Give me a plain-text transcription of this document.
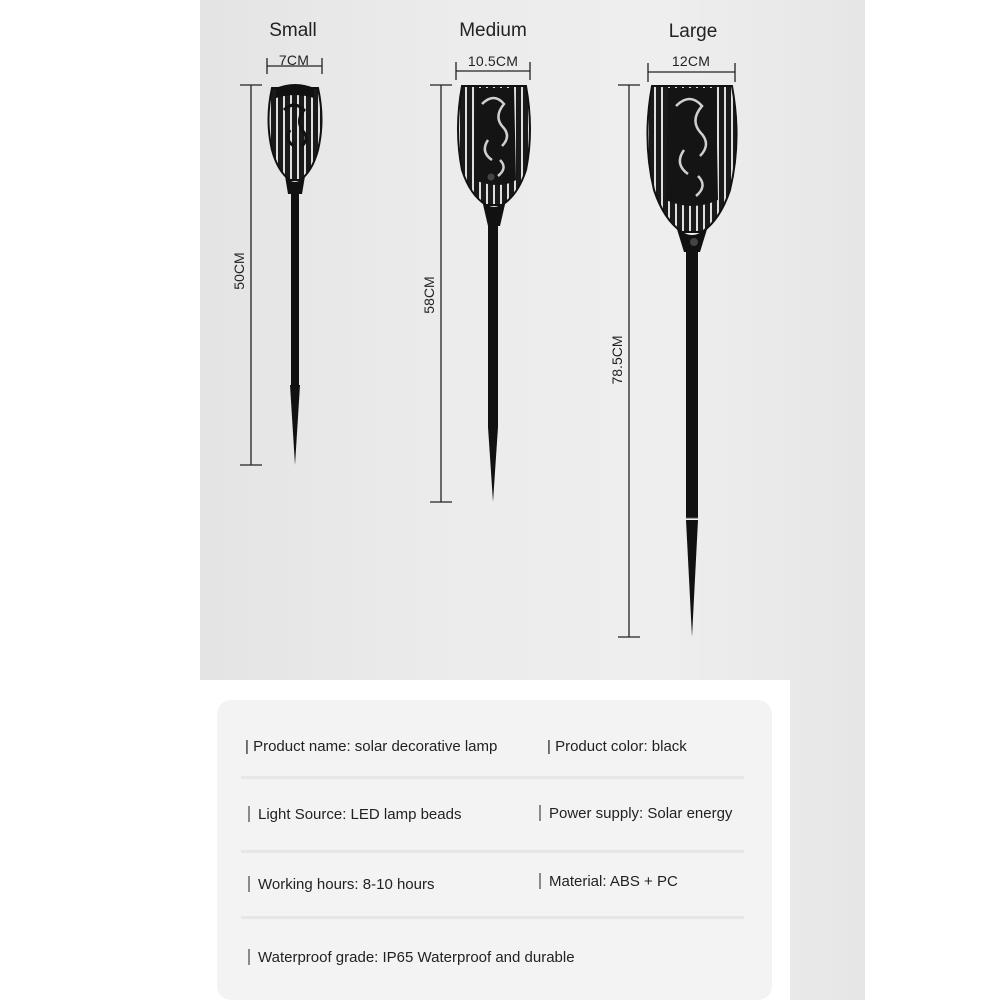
Small	Medium	Large
7CM	10.5CM	12CM
50CM
58CM
78.5CM
| Product name: solar decorative lamp	| Product color: black
Light Source: LED lamp beads	Power supply: Solar energy
Working hours: 8-10 hours	Material: ABS + PC
Waterproof grade: IP65 Waterproof and durable
